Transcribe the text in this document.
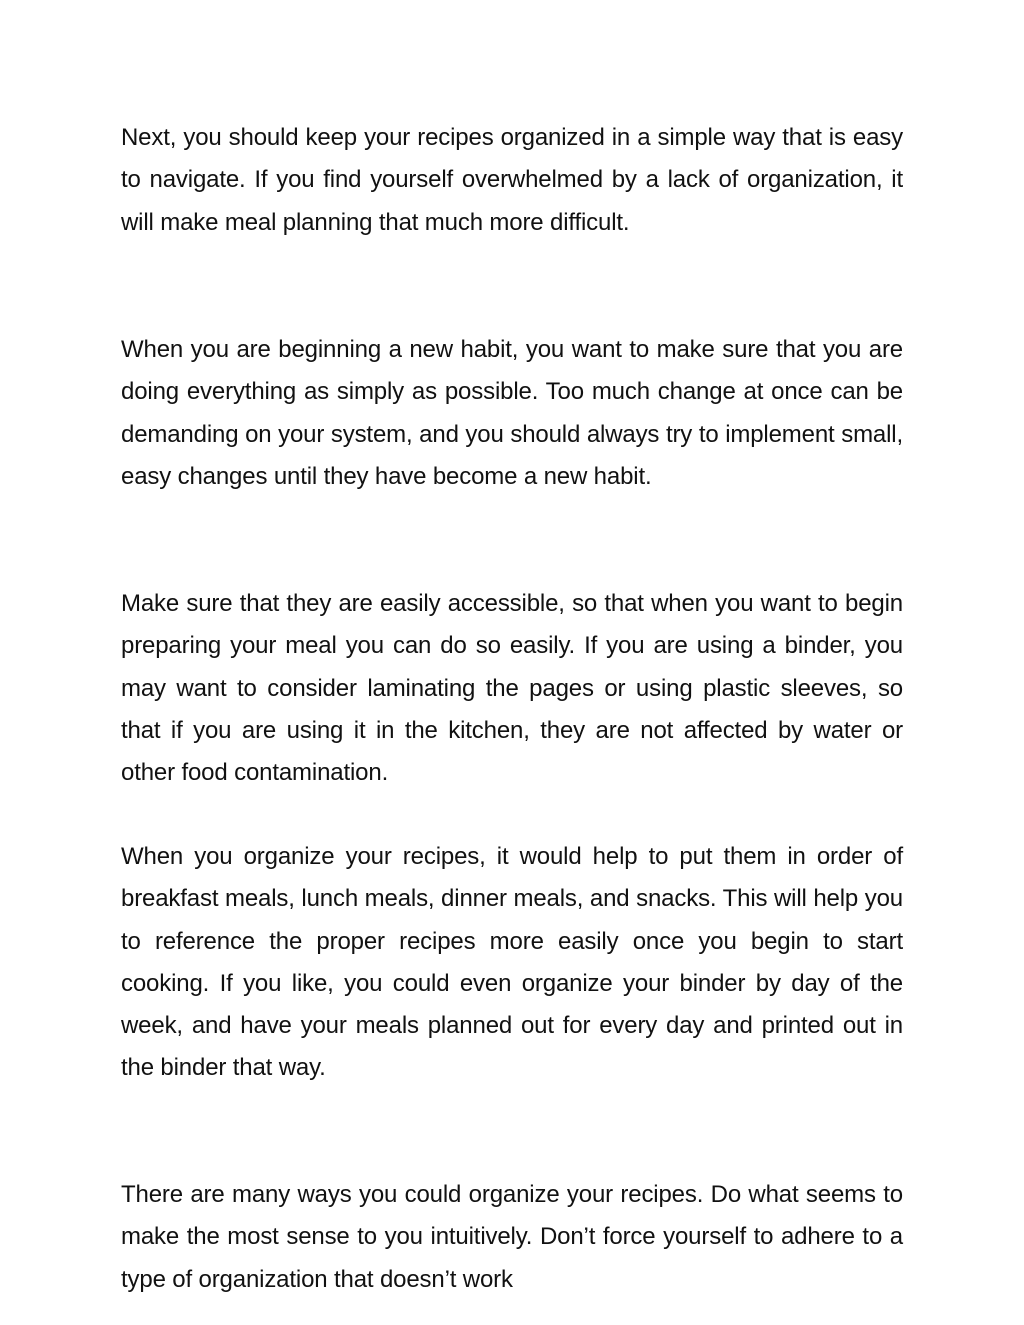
Next, you should keep your recipes organized in a simple way that is easy to navigate. If you find yourself overwhelmed by a lack of organization, it will make meal planning that much more difficult.

When you are beginning a new habit, you want to make sure that you are doing everything as simply as possible. Too much change at once can be demanding on your system, and you should always try to implement small, easy changes until they have become a new habit.

Make sure that they are easily accessible, so that when you want to begin preparing your meal you can do so easily. If you are using a binder, you may want to consider laminating the pages or using plastic sleeves, so that if you are using it in the kitchen, they are not affected by water or other food contamination.

When you organize your recipes, it would help to put them in order of breakfast meals, lunch meals, dinner meals, and snacks. This will help you to reference the proper recipes more easily once you begin to start cooking. If you like, you could even organize your binder by day of the week, and have your meals planned out for every day and printed out in the binder that way.

There are many ways you could organize your recipes. Do what seems to make the most sense to you intuitively. Don’t force yourself to adhere to a type of organization that doesn’t work
